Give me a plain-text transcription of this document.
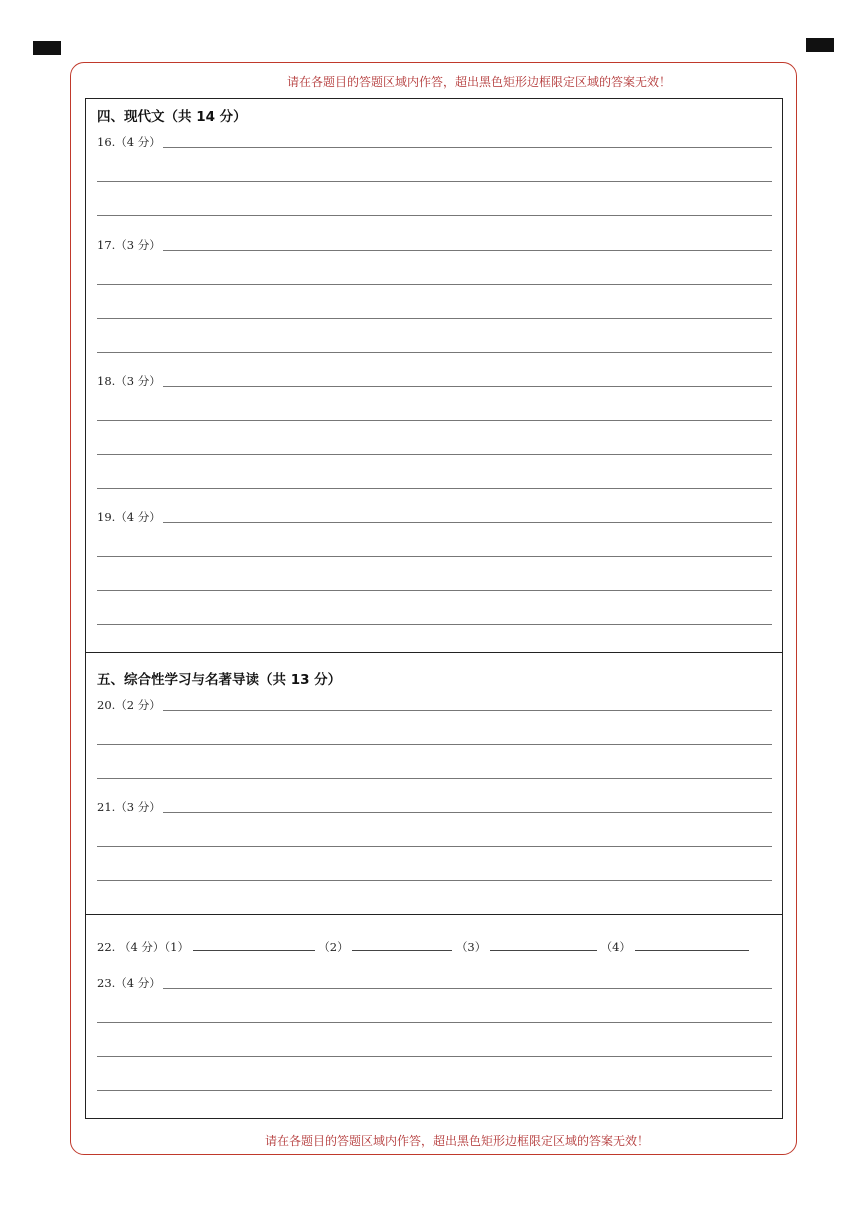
请在各题目的答题区域内作答，超出黑色矩形边框限定区域的答案无效！
四、现代文（共 14 分）
16.（4 分）
17.（3 分）
18.（3 分）
19.（4 分）
五、综合性学习与名著导读（共 13 分）
20.（2 分）
21.（3 分）
22. （4 分）（1）	（2）	（3）	（4）
23.（4 分）
请在各题目的答题区域内作答，超出黑色矩形边框限定区域的答案无效！
